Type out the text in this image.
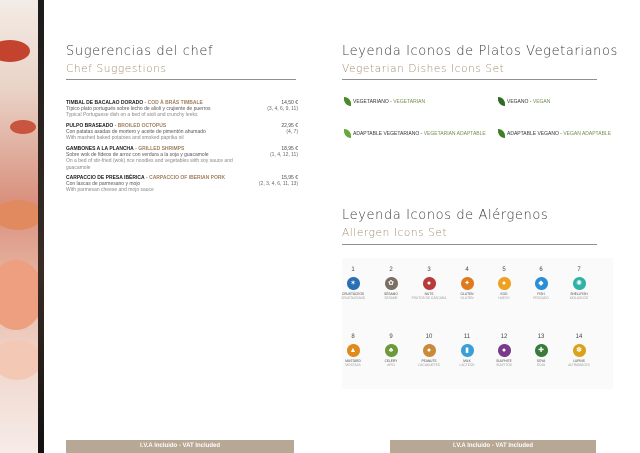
Sugerencias del chef
Chef Suggestions
TIMBAL DE BACALAO DORADO - COD À BRÁS TIMBALE
Típico plato portugués sobre lecho de alioli y crujiente de puerros
Typical Portuguese dish on a bed of aioli and crunchy leeks
14,50 €
(3, 4, 6, 9, 11)
PULPO BRASEADO - BROILED OCTOPUS
Con patatas asadas de mortero y aceite de pimentón ahumado
With mashed baked potatoes and smoked paprika oil
22,95 €
(4, 7)
GAMBONES A LA PLANCHA - GRILLED SHRIMPS
Sobre wok de fideos de arroz con verdura a la soja y guacamole
On a bed of stir-fried (wok) rice noodles and vegetables with soy sauce and guacamole
18,95 €
(1, 4, 12, 11)
CARPACCIO DE PRESA IBÉRICA - CARPACCIO OF IBERIAN PORK
Con lascas de parmesano y mojo
With parmesan cheese and mojo sauce
15,95 €
(2, 3, 4, 6, 11, 13)
I.V.A Incluido - VAT Included
Leyenda Iconos de Platos Vegetarianos
Vegetarian Dishes Icons Set
VEGETARIANO - VEGETARIAN	VEGANO - VEGAN
ADAPTABLE VEGETARIANO - VEGETARIAN ADAPTABLE	ADAPTABLE VEGANO - VEGAN ADAPTABLE
Leyenda Iconos de Alérgenos
Allergen Icons Set
1
✶
CRUSTÁCEOS
CRUSTACEANS
2
✿
SÉSAMO
SESAME
3
●
NUTS
FRUTOS DE CÁSCARA
4
✦
GLUTEN
GLUTEN
5
●
EGG
HUEVO
6
◆
FISH
PESCADO
7
✺
SHELLFISH
MOLUSCOS
8
▲
MUSTARD
MOSTAZA
9
♣
CELERY
APIO
10
●
PEANUTS
CACAHUETES
11
▮
MILK
LÁCTEOS
12
●
SULPHITE
SULFITOS
13
✚
SOYA
SOJA
14
✽
LUPINS
ALTRAMUCES
I.V.A Incluido - VAT Included
